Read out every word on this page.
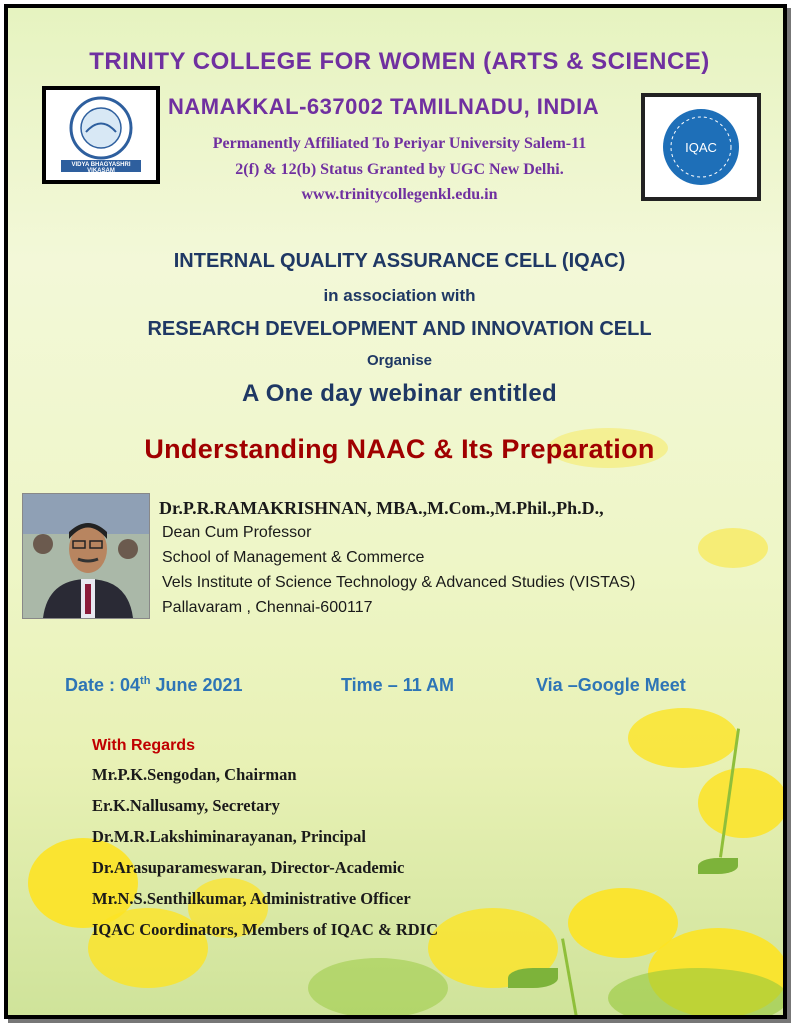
VIDYA BHAGYASHRI VIKASAM
IQAC
TRINITY COLLEGE FOR WOMEN (ARTS & SCIENCE)
NAMAKKAL-637002 TAMILNADU, INDIA
Permanently Affiliated To Periyar University Salem-11
2(f) & 12(b) Status Granted by UGC New Delhi.
www.trinitycollegenkl.edu.in
INTERNAL QUALITY ASSURANCE CELL (IQAC)
in association with
RESEARCH DEVELOPMENT AND INNOVATION CELL
Organise
A One day webinar entitled
Understanding NAAC & Its Preparation
Dr.P.R.RAMAKRISHNAN, MBA.,M.Com.,M.Phil.,Ph.D.,
Dean Cum Professor
School of Management & Commerce
Vels Institute of Science Technology & Advanced Studies (VISTAS)
Pallavaram , Chennai-600117
Date : 04th June 2021	Time – 11 AM	Via –Google Meet
With Regards
Mr.P.K.Sengodan, Chairman
Er.K.Nallusamy, Secretary
Dr.M.R.Lakshiminarayanan, Principal
Dr.Arasuparameswaran, Director-Academic
Mr.N.S.Senthilkumar, Administrative Officer
IQAC Coordinators, Members of IQAC & RDIC
